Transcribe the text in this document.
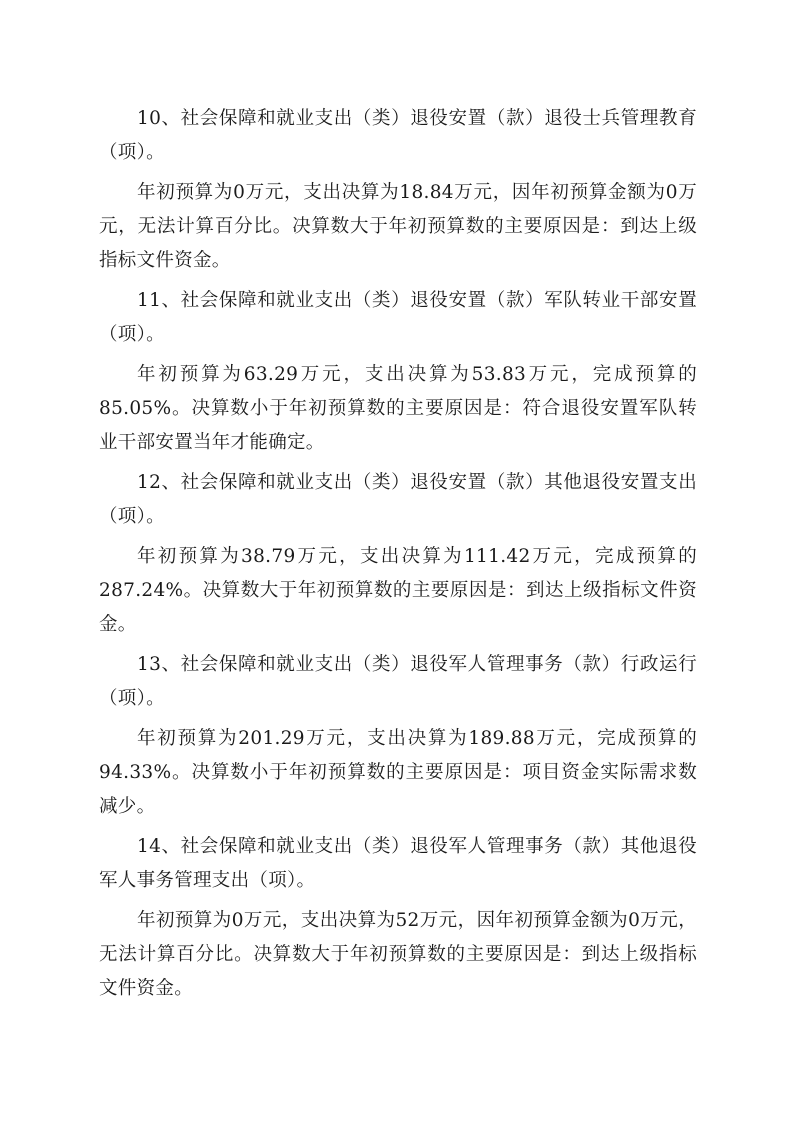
10、社会保障和就业支出（类）退役安置（款）退役士兵管理教育（项）。

年初预算为0万元，支出决算为18.84万元，因年初预算金额为0万元，无法计算百分比。决算数大于年初预算数的主要原因是：到达上级指标文件资金。

11、社会保障和就业支出（类）退役安置（款）军队转业干部安置（项）。

年初预算为63.29万元，支出决算为53.83万元，完成预算的85.05%。决算数小于年初预算数的主要原因是：符合退役安置军队转业干部安置当年才能确定。

12、社会保障和就业支出（类）退役安置（款）其他退役安置支出（项）。

年初预算为38.79万元，支出决算为111.42万元，完成预算的287.24%。决算数大于年初预算数的主要原因是：到达上级指标文件资金。

13、社会保障和就业支出（类）退役军人管理事务（款）行政运行（项）。

年初预算为201.29万元，支出决算为189.88万元，完成预算的94.33%。决算数小于年初预算数的主要原因是：项目资金实际需求数减少。

14、社会保障和就业支出（类）退役军人管理事务（款）其他退役军人事务管理支出（项）。

年初预算为0万元，支出决算为52万元，因年初预算金额为0万元，无法计算百分比。决算数大于年初预算数的主要原因是：到达上级指标文件资金。
